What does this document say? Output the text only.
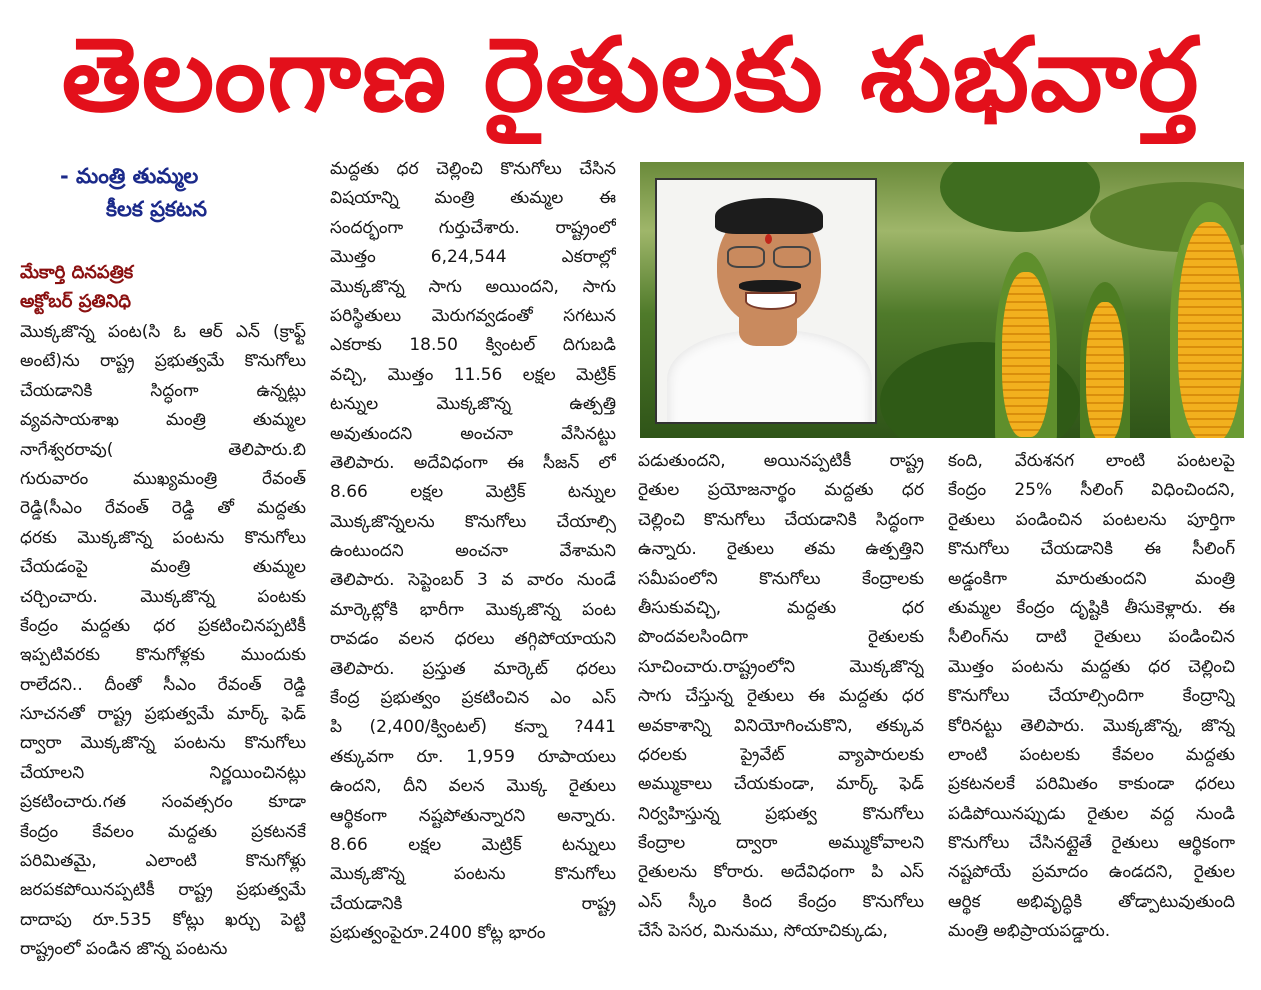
తెలంగాణ రైతులకు శుభవార్త
- మంత్రి తుమ్మల
కీలక ప్రకటన
మేకార్తి దినపత్రిక
అక్టోబర్ ప్రతినిధి
మొక్కజొన్న పంట(సి ఓ ఆర్ ఎన్ (క్రాఫ్ట్
అంటే)ను రాష్ట్ర ప్రభుత్వమే కొనుగోలు
చేయడానికి సిద్ధంగా ఉన్నట్లు
వ్యవసాయశాఖ మంత్రి తుమ్మల
నాగేశ్వరరావు( తెలిపారు.బి
గురువారం ముఖ్యమంత్రి రేవంత్
రెడ్డి(సీఎం రేవంత్ రెడ్డి తో మద్దతు
ధరకు మొక్కజొన్న పంటను కొనుగోలు
చేయడంపై మంత్రి తుమ్మల
చర్చించారు. మొక్కజొన్న పంటకు
కేంద్రం మద్దతు ధర ప్రకటించినప్పటికీ
ఇప్పటివరకు కొనుగోళ్లకు ముందుకు
రాలేదని.. దీంతో సీఎం రేవంత్ రెడ్డి
సూచనతో రాష్ట్ర ప్రభుత్వమే మార్క్ ఫెడ్
ద్వారా మొక్కజొన్న పంటను కొనుగోలు
చేయాలని నిర్ణయించినట్లు
ప్రకటించారు.గత సంవత్సరం కూడా
కేంద్రం కేవలం మద్దతు ప్రకటనకే
పరిమితమై, ఎలాంటి కొనుగోళ్లు
జరపకపోయినప్పటికీ రాష్ట్ర ప్రభుత్వమే
దాదాపు రూ.535 కోట్లు ఖర్చు పెట్టి
రాష్ట్రంలో పండిన జొన్న పంటను
మద్దతు ధర చెల్లించి కొనుగోలు చేసిన
విషయాన్ని మంత్రి తుమ్మల ఈ
సందర్భంగా గుర్తుచేశారు. రాష్ట్రంలో
మొత్తం 6,24,544 ఎకరాల్లో
మొక్కజొన్న సాగు అయిందని, సాగు
పరిస్థితులు మెరుగవ్వడంతో సగటున
ఎకరాకు 18.50 క్వింటల్ దిగుబడి
వచ్చి, మొత్తం 11.56 లక్షల మెట్రిక్
టన్నుల మొక్కజొన్న ఉత్పత్తి
అవుతుందని అంచనా వేసినట్టు
తెలిపారు. అదేవిధంగా ఈ సీజన్ లో
8.66 లక్షల మెట్రిక్ టన్నుల
మొక్కజొన్నలను కొనుగోలు చేయాల్సి
ఉంటుందని అంచనా వేశామని
తెలిపారు. సెప్టెంబర్ 3 వ వారం నుండే
మార్కెట్లోకి భారీగా మొక్కజొన్న పంట
రావడం వలన ధరలు తగ్గిపోయాయని
తెలిపారు. ప్రస్తుత మార్కెట్ ధరలు
కేంద్ర ప్రభుత్వం ప్రకటించిన ఎం ఎస్
పి (2,400/క్వింటల్) కన్నా ?441
తక్కువగా రూ. 1,959 రూపాయలు
ఉందని, దీని వలన మొక్క రైతులు
ఆర్థికంగా నష్టపోతున్నారని అన్నారు.
8.66 లక్షల మెట్రిక్ టన్నులు
మొక్కజొన్న పంటను కొనుగోలు
చేయడానికి రాష్ట్ర
ప్రభుత్వంపైరూ.2400 కోట్ల భారం
పడుతుందని, అయినప్పటికీ రాష్ట్ర
రైతుల ప్రయోజనార్థం మద్దతు ధర
చెల్లించి కొనుగోలు చేయడానికి సిద్ధంగా
ఉన్నారు. రైతులు తమ ఉత్పత్తిని
సమీపంలోని కొనుగోలు కేంద్రాలకు
తీసుకువచ్చి, మద్దతు ధర
పొందవలసిందిగా రైతులకు
సూచించారు.రాష్ట్రంలోని మొక్కజొన్న
సాగు చేస్తున్న రైతులు ఈ మద్దతు ధర
అవకాశాన్ని వినియోగించుకొని, తక్కువ
ధరలకు ప్రైవేట్ వ్యాపారులకు
అమ్ముకాలు చేయకుండా, మార్క్ ఫెడ్
నిర్వహిస్తున్న ప్రభుత్వ కొనుగోలు
కేంద్రాల ద్వారా అమ్ముకోవాలని
రైతులను కోరారు. అదేవిధంగా పి ఎస్
ఎస్ స్కీం కింద కేంద్రం కొనుగోలు
చేసే పెసర, మినుము, సోయాచిక్కుడు,
కంది, వేరుశనగ లాంటి పంటలపై
కేంద్రం 25% సీలింగ్ విధించిందని,
రైతులు పండించిన పంటలను పూర్తిగా
కొనుగోలు చేయడానికి ఈ సీలింగ్
అడ్డంకిగా మారుతుందని మంత్రి
తుమ్మల కేంద్రం దృష్టికి తీసుకెళ్లారు. ఈ
సీలింగ్‌ను దాటి రైతులు పండించిన
మొత్తం పంటను మద్దతు ధర చెల్లించి
కొనుగోలు చేయాల్సిందిగా కేంద్రాన్ని
కోరినట్టు తెలిపారు. మొక్కజొన్న, జొన్న
లాంటి పంటలకు కేవలం మద్దతు
ప్రకటనలకే పరిమితం కాకుండా ధరలు
పడిపోయినప్పుడు రైతుల వద్ద నుండి
కొనుగోలు చేసినట్లైతే రైతులు ఆర్థికంగా
నష్టపోయే ప్రమాదం ఉండదని, రైతుల
ఆర్థిక అభివృద్ధికి తోడ్పాటువుతుంది
మంత్రి అభిప్రాయపడ్డారు.
